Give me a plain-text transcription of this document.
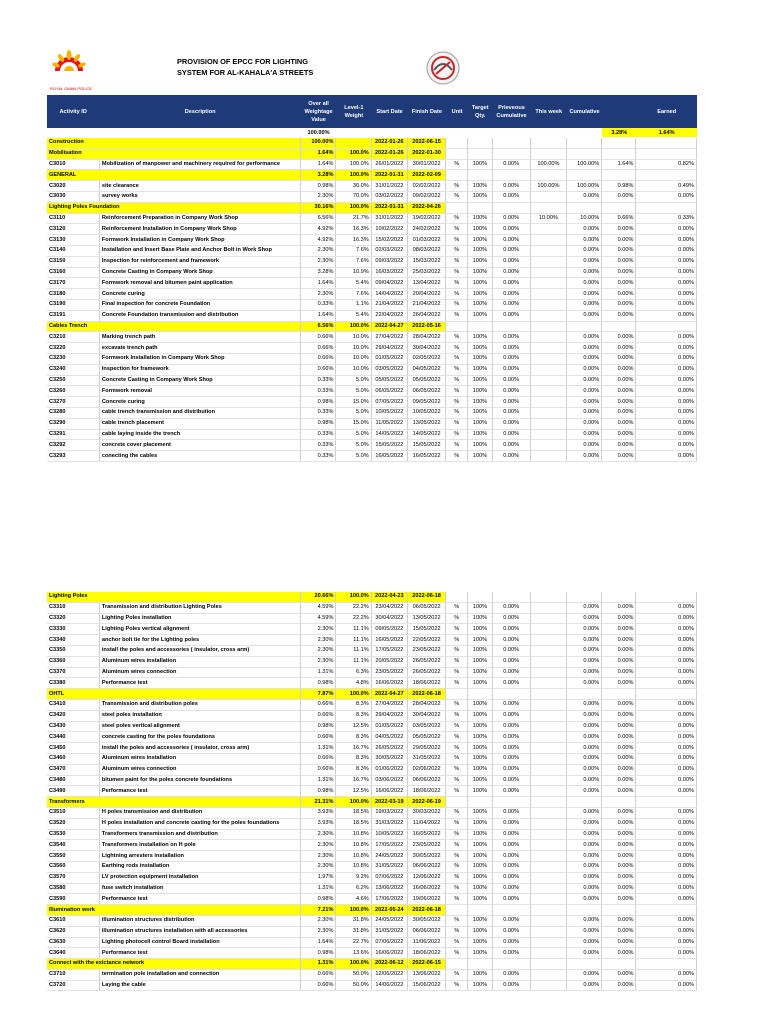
ROYAL OMAN POLICE
PROVISION OF EPCC FOR LIGHTING
SYSTEM FOR AL-KAHALA'A STREETS
Activity ID	Description	Over all Weightage Value	Level-1 Weight	Start Date	Finish Date	Unit	Target Qty.	Prieveous Cumulative	This week	Cumulative		Earned
		100.00%									3.28%	1.64%
Construction		100.00%		2022-01-26	2022-06-15							
Mobilisation		1.64%	100.0%	2022-01-26	2022-01-30							
C3010	Mobilization of manpower and machinery required for performance	1.64%	100.0%	26/01/2022	30/01/2022	%	100%	0.00%	100.00%	100.00%	1.64%	0.82%
GENERAL		3.28%	100.0%	2022-01-31	2022-02-09							
C3020	site clearance	0.98%	30.0%	31/01/2022	02/02/2022	%	100%	0.00%	100.00%	100.00%	0.98%	0.49%
C3030	survey works	2.30%	70.0%	03/02/2022	09/02/2022	%	100%	0.00%		0.00%	0.00%	0.00%
Lighting Poles Foundation		30.16%	100.0%	2022-01-31	2022-04-26							
C3110	Reinforcement Preparation in Company Work Shop	6.56%	21.7%	31/01/2022	19/02/2022	%	100%	0.00%	10.00%	10.00%	0.66%	0.33%
C3120	Reinforcement Installation in Company Work Shop	4.92%	16.3%	10/02/2022	24/02/2022	%	100%	0.00%		0.00%	0.00%	0.00%
C3130	Formwork Installation in Company Work Shop	4.92%	16.3%	15/02/2022	01/03/2022	%	100%	0.00%		0.00%	0.00%	0.00%
C3140	Installation and Insert Base Plate and Anchor Bolt in Work Shop	2.30%	7.6%	02/03/2022	08/03/2022	%	100%	0.00%		0.00%	0.00%	0.00%
C3150	Inspection for reinforcement and framework	2.30%	7.6%	09/03/2022	15/03/2022	%	100%	0.00%		0.00%	0.00%	0.00%
C3160	Concrete Casting in Company Work Shop	3.28%	10.9%	16/03/2022	25/03/2022	%	100%	0.00%		0.00%	0.00%	0.00%
C3170	Formwork removal and bitumen paint application	1.64%	5.4%	09/04/2022	13/04/2022	%	100%	0.00%		0.00%	0.00%	0.00%
C3180	Concrete curing	2.30%	7.6%	14/04/2022	20/04/2022	%	100%	0.00%		0.00%	0.00%	0.00%
C3190	Final inspection for concrete Foundation	0.33%	1.1%	21/04/2022	21/04/2022	%	100%	0.00%		0.00%	0.00%	0.00%
C3191	Concrete Foundation transmission and distribution	1.64%	5.4%	22/04/2022	26/04/2022	%	100%	0.00%		0.00%	0.00%	0.00%
Cables Trench		6.56%	100.0%	2022-04-27	2022-05-16							
C3210	Marking trench path	0.66%	10.0%	27/04/2022	28/04/2022	%	100%	0.00%		0.00%	0.00%	0.00%
C3220	excavate trench path	0.66%	10.0%	29/04/2022	30/04/2022	%	100%	0.00%		0.00%	0.00%	0.00%
C3230	Formwork Installation in Company Work Shop	0.66%	10.0%	01/05/2022	02/05/2022	%	100%	0.00%		0.00%	0.00%	0.00%
C3240	Inspection for framework	0.66%	10.0%	03/05/2022	04/05/2022	%	100%	0.00%		0.00%	0.00%	0.00%
C3250	Concrete Casting in Company Work Shop	0.33%	5.0%	05/05/2022	05/05/2022	%	100%	0.00%		0.00%	0.00%	0.00%
C3260	Formwork removal	0.33%	5.0%	06/05/2022	06/05/2022	%	100%	0.00%		0.00%	0.00%	0.00%
C3270	Concrete curing	0.98%	15.0%	07/05/2022	09/05/2022	%	100%	0.00%		0.00%	0.00%	0.00%
C3280	cable trench transmission and distribution	0.33%	5.0%	10/05/2022	10/05/2022	%	100%	0.00%		0.00%	0.00%	0.00%
C3290	cable trench placement	0.98%	15.0%	11/05/2022	13/05/2022	%	100%	0.00%		0.00%	0.00%	0.00%
C3291	cable laying inside the trench	0.33%	5.0%	14/05/2022	14/05/2022	%	100%	0.00%		0.00%	0.00%	0.00%
C3292	concrete cover placement	0.33%	5.0%	15/05/2022	15/05/2022	%	100%	0.00%		0.00%	0.00%	0.00%
C3293	conecting the cables	0.33%	5.0%	16/05/2022	16/05/2022	%	100%	0.00%		0.00%	0.00%	0.00%
Lighting Poles		20.66%	100.0%	2022-04-23	2022-06-18							
C3310	Transmission and distribution Lighting Poles	4.59%	22.2%	23/04/2022	06/05/2022	%	100%	0.00%		0.00%	0.00%	0.00%
C3320	Lighting Poles installation	4.59%	22.2%	30/04/2022	13/05/2022	%	100%	0.00%		0.00%	0.00%	0.00%
C3330	Lighting Poles vertical alignment	2.30%	11.1%	09/05/2022	15/05/2022	%	100%	0.00%		0.00%	0.00%	0.00%
C3340	anchor bolt tie for the Lighting poles	2.30%	11.1%	16/05/2022	22/05/2022	%	100%	0.00%		0.00%	0.00%	0.00%
C3350	install the poles and accessories ( insulator, cross arm)	2.30%	11.1%	17/05/2022	23/05/2022	%	100%	0.00%		0.00%	0.00%	0.00%
C3360	Aluminum wires installation	2.30%	11.1%	20/05/2022	26/05/2022	%	100%	0.00%		0.00%	0.00%	0.00%
C3370	Aluminum wires connection	1.31%	6.3%	23/05/2022	26/05/2022	%	100%	0.00%		0.00%	0.00%	0.00%
C3380	Performance test	0.98%	4.8%	16/06/2022	18/06/2022	%	100%	0.00%		0.00%	0.00%	0.00%
OHTL		7.87%	100.0%	2022-04-27	2022-06-18							
C3410	Transmission and distribution poles	0.66%	8.3%	27/04/2022	28/04/2022	%	100%	0.00%		0.00%	0.00%	0.00%
C3420	steel poles installation	0.66%	8.3%	29/04/2022	30/04/2022	%	100%	0.00%		0.00%	0.00%	0.00%
C3430	steel poles vertical alignment	0.98%	12.5%	01/05/2022	03/05/2022	%	100%	0.00%		0.00%	0.00%	0.00%
C3440	concrete casting for the poles foundations	0.66%	8.3%	04/05/2022	05/05/2022	%	100%	0.00%		0.00%	0.00%	0.00%
C3450	install the poles and accessories ( insulator, cross arm)	1.31%	16.7%	26/05/2022	29/05/2022	%	100%	0.00%		0.00%	0.00%	0.00%
C3460	Aluminum wires installation	0.66%	8.3%	30/05/2022	31/05/2022	%	100%	0.00%		0.00%	0.00%	0.00%
C3470	Aluminum wires connection	0.66%	8.3%	01/06/2022	02/06/2022	%	100%	0.00%		0.00%	0.00%	0.00%
C3480	bitumen paint for the poles concrete foundations	1.31%	16.7%	03/06/2022	06/06/2022	%	100%	0.00%		0.00%	0.00%	0.00%
C3490	Performance test	0.98%	12.5%	16/06/2022	18/06/2022	%	100%	0.00%		0.00%	0.00%	0.00%
Transformers		21.31%	100.0%	2022-03-19	2022-06-19							
C3510	H poles transmission and distribution	3.93%	18.5%	19/03/2022	30/03/2022	%	100%	0.00%		0.00%	0.00%	0.00%
C3520	H poles installation and concrete casting for the poles foundations	3.93%	18.5%	31/03/2022	11/04/2022	%	100%	0.00%		0.00%	0.00%	0.00%
C3530	Transformers transmission and distribution	2.30%	10.8%	10/05/2022	16/05/2022	%	100%	0.00%		0.00%	0.00%	0.00%
C3540	Transformers installation on H pole	2.30%	10.8%	17/05/2022	23/05/2022	%	100%	0.00%		0.00%	0.00%	0.00%
C3550	Lightning arresters installation	2.30%	10.8%	24/05/2022	30/05/2022	%	100%	0.00%		0.00%	0.00%	0.00%
C3560	Earthing rods installation	2.30%	10.8%	31/05/2022	06/06/2022	%	100%	0.00%		0.00%	0.00%	0.00%
C3570	LV protection equipment installation	1.97%	9.2%	07/06/2022	12/06/2022	%	100%	0.00%		0.00%	0.00%	0.00%
C3580	fuse switch installation	1.31%	6.2%	13/06/2022	16/06/2022	%	100%	0.00%		0.00%	0.00%	0.00%
C3590	Performance test	0.98%	4.6%	17/06/2022	19/06/2022	%	100%	0.00%		0.00%	0.00%	0.00%
Illumination work		7.21%	100.0%	2022-05-24	2022-06-18							
C3610	illumination structures distribution	2.30%	31.8%	24/05/2022	30/05/2022	%	100%	0.00%		0.00%	0.00%	0.00%
C3620	illumination structures installation with all accessories	2.30%	31.8%	31/05/2022	06/06/2022	%	100%	0.00%		0.00%	0.00%	0.00%
C3630	Lighting photocell control Board installation	1.64%	22.7%	07/06/2022	11/06/2022	%	100%	0.00%		0.00%	0.00%	0.00%
C3640	Performance test	0.98%	13.6%	16/06/2022	18/06/2022	%	100%	0.00%		0.00%	0.00%	0.00%
Connect with the exictance network		1.31%	100.0%	2022-06-12	2022-06-15							
C3710	termination pole installation and connection	0.66%	50.0%	12/06/2022	13/06/2022	%	100%	0.00%		0.00%	0.00%	0.00%
C3720	Laying the cable	0.66%	50.0%	14/06/2022	15/06/2022	%	100%	0.00%		0.00%	0.00%	0.00%
